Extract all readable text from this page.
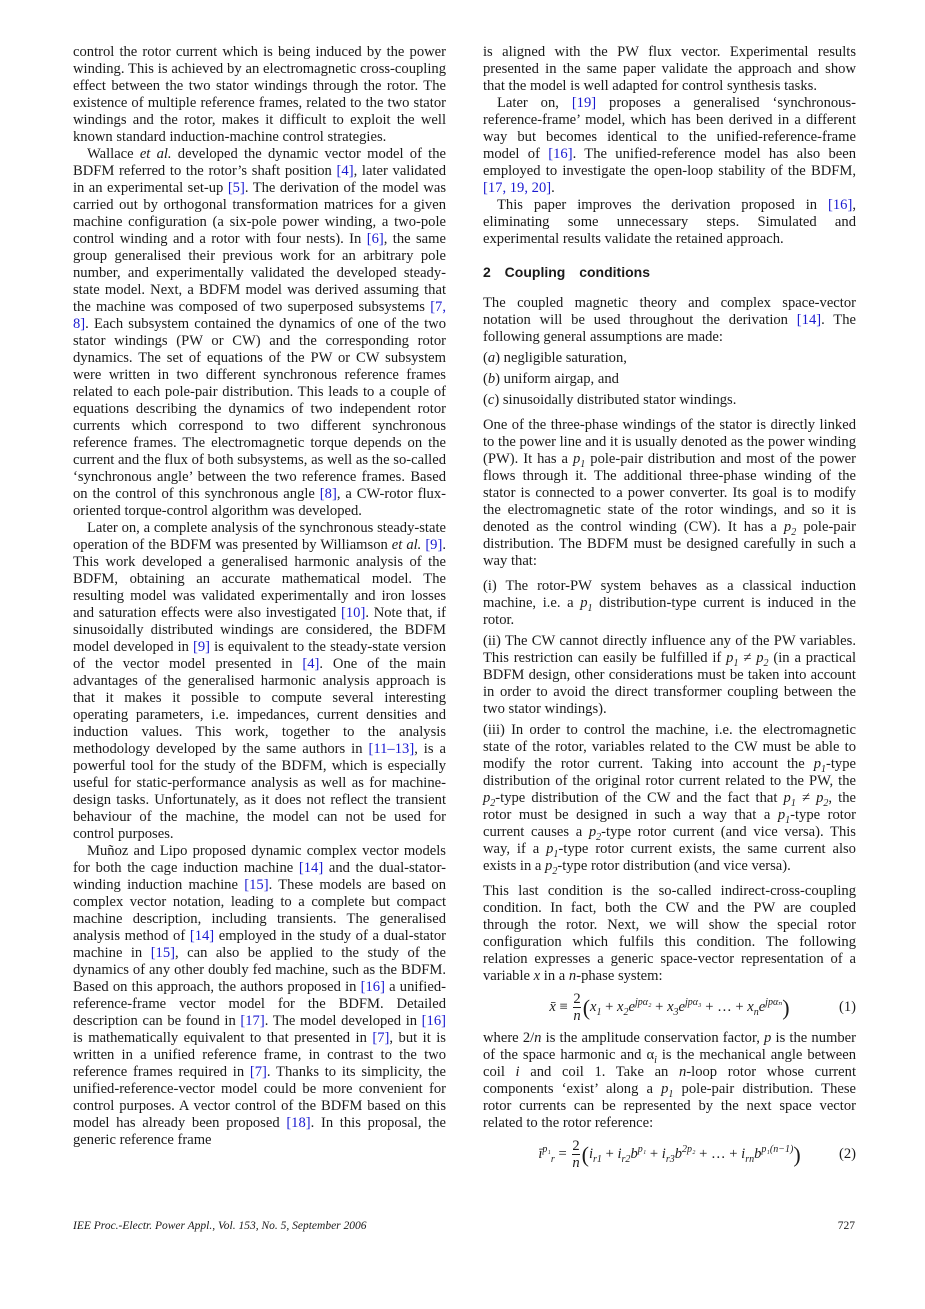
control the rotor current which is being induced by the power winding. This is achieved by an electromagnetic cross-coupling effect between the two stator windings through the rotor. The existence of multiple reference frames, related to the two stator windings and the rotor, makes it difficult to exploit the well known standard induction-machine control strategies.

Wallace et al. developed the dynamic vector model of the BDFM referred to the rotor’s shaft position [4], later validated in an experimental set-up [5]. The derivation of the model was carried out by orthogonal transformation matrices for a given machine configuration (a six-pole power winding, a two-pole control winding and a rotor with four nests). In [6], the same group generalised their previous work for an arbitrary pole number, and experimentally validated the developed steady-state model. Next, a BDFM model was derived assuming that the machine was composed of two superposed subsystems [7, 8]. Each subsystem contained the dynamics of one of the two stator windings (PW or CW) and the corresponding rotor dynamics. The set of equations of the PW or CW subsystem were written in two different synchronous reference frames related to each pole-pair distribution. This leads to a couple of equations describing the dynamics of two independent rotor currents which correspond to two different synchronous reference frames. The electromagnetic torque depends on the current and the flux of both subsystems, as well as the so-called ‘synchronous angle’ between the two reference frames. Based on the control of this synchronous angle [8], a CW-rotor flux-oriented torque-control algorithm was developed.

Later on, a complete analysis of the synchronous steady-state operation of the BDFM was presented by Williamson et al. [9]. This work developed a generalised harmonic analysis of the BDFM, obtaining an accurate mathematical model. The resulting model was validated experimentally and iron losses and saturation effects were also investigated [10]. Note that, if sinusoidally distributed windings are considered, the BDFM model developed in [9] is equivalent to the steady-state version of the vector model presented in [4]. One of the main advantages of the generalised harmonic analysis approach is that it makes it possible to compute several interesting operating parameters, i.e. impedances, current densities and induction values. This work, together to the analysis methodology developed by the same authors in [11–13], is a powerful tool for the study of the BDFM, which is especially useful for static-performance analysis as well as for machine-design tasks. Unfortunately, as it does not reflect the transient behaviour of the machine, the model can not be used for control purposes.

Muñoz and Lipo proposed dynamic complex vector models for both the cage induction machine [14] and the dual-stator-winding induction machine [15]. These models are based on complex vector notation, leading to a complete but compact machine description, including transients. The generalised analysis method of [14] employed in the study of a dual-stator machine in [15], can also be applied to the study of the dynamics of any other doubly fed machine, such as the BDFM. Based on this approach, the authors proposed in [16] a unified-reference-frame vector model for the BDFM. Detailed description can be found in [17]. The model developed in [16] is mathematically equivalent to that presented in [7], but it is written in a unified reference frame, in contrast to the two reference frames required in [7]. Thanks to its simplicity, the unified-reference-vector model could be more convenient for control purposes. A vector control of the BDFM based on this model has already been proposed [18]. In this proposal, the generic reference frame

is aligned with the PW flux vector. Experimental results presented in the same paper validate the approach and show that the model is well adapted for control synthesis tasks.

Later on, [19] proposes a generalised ‘synchronous-reference-frame’ model, which has been derived in a different way but becomes identical to the unified-reference-frame model of [16]. The unified-reference model has also been employed to investigate the open-loop stability of the BDFM, [17, 19, 20].

This paper improves the derivation proposed in [16], eliminating some unnecessary steps. Simulated and experimental results validate the retained approach.

2 Coupling conditions

The coupled magnetic theory and complex space-vector notation will be used throughout the derivation [14]. The following general assumptions are made:

(a) negligible saturation,

(b) uniform airgap, and

(c) sinusoidally distributed stator windings.

One of the three-phase windings of the stator is directly linked to the power line and it is usually denoted as the power winding (PW). It has a $p_1$ pole-pair distribution and most of the power flows through it. The additional three-phase winding of the stator is connected to a power converter. Its goal is to modify the electromagnetic state of the rotor windings, and so it is denoted as the control winding (CW). It has a $p_2$ pole-pair distribution. The BDFM must be designed carefully in such a way that:

(i) The rotor-PW system behaves as a classical induction machine, i.e. a $p_1$ distribution-type current is induced in the rotor.

(ii) The CW cannot directly influence any of the PW variables. This restriction can easily be fulfilled if $p_1 \ne p_2$ (in a practical BDFM design, other considerations must be taken into account in order to avoid the direct transformer coupling between the two stator windings).

(iii) In order to control the machine, i.e. the electromagnetic state of the rotor, variables related to the CW must be able to modify the rotor current. Taking into account the $p_1$-type distribution of the original rotor current related to the PW, the $p_2$-type distribution of the CW and the fact that $p_1 \ne p_2$, the rotor must be designed in such a way that a $p_1$-type rotor current causes a $p_2$-type rotor current (and vice versa). This way, if a $p_1$-type rotor current exists, the same current also exists in a $p_2$-type rotor distribution (and vice versa).

This last condition is the so-called indirect-cross-coupling condition. In fact, both the CW and the PW are coupled through the rotor. Next, we will show the special rotor configuration which fulfils this condition. The following relation expresses a generic space-vector representation of a variable x in a n-phase system:

x̄ ≡ $\frac{2}{n} (x_1 + x_2e^{jp\alpha_2} + x_3e^{jp\alpha_3}$ + … + $x_ne^{jp\alpha_n}$)	(1)

where 2/n is the amplitude conservation factor, p is the number of the space harmonic and $\alpha_i$ is the mechanical angle between coil i and coil 1. Take an n-loop rotor whose current components ‘exist’ along a $p_1$ pole-pair distribution. These rotor currents can be represented by the next space vector related to the rotor reference:

$ī^{p_1}_r = \frac{2}{n} (i_{r1} + i_{r2}b^{p_1} + i_{r3}b^{2p_2}$ + … + $i_{rn}b^{p_1(n-1)}$)	(2)
IEE Proc.-Electr. Power Appl., Vol. 153, No. 5, September 2006	727
